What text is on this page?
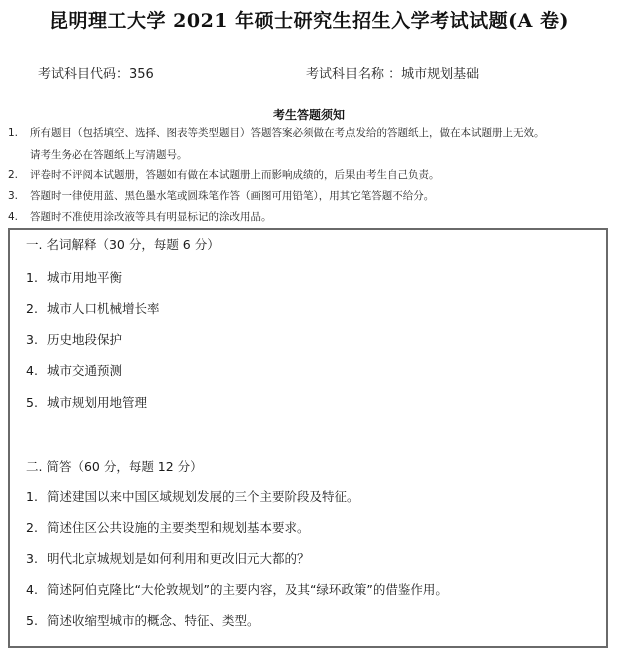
昆明理工大学 2021 年硕士研究生招生入学考试试题(A 卷)
考试科目代码：356	考试科目名称 ：城市规划基础
考生答题须知
1. 所有题目（包括填空、选择、图表等类型题目）答题答案必须做在考点发给的答题纸上，做在本试题册上无效。
请考生务必在答题纸上写清题号。
2. 评卷时不评阅本试题册，答题如有做在本试题册上而影响成绩的，后果由考生自己负责。
3. 答题时一律使用蓝、黑色墨水笔或圆珠笔作答（画图可用铅笔），用其它笔答题不给分。
4. 答题时不准使用涂改液等具有明显标记的涂改用品。
一. 名词解释（30 分，每题 6 分）
1. 城市用地平衡
2. 城市人口机械增长率
3. 历史地段保护
4. 城市交通预测
5. 城市规划用地管理
二. 简答（60 分，每题 12 分）
1. 简述建国以来中国区域规划发展的三个主要阶段及特征。
2. 简述住区公共设施的主要类型和规划基本要求。
3. 明代北京城规划是如何利用和更改旧元大都的？
4. 简述阿伯克隆比“大伦敦规划”的主要内容，及其“绿环政策”的借鉴作用。
5. 简述收缩型城市的概念、特征、类型。
